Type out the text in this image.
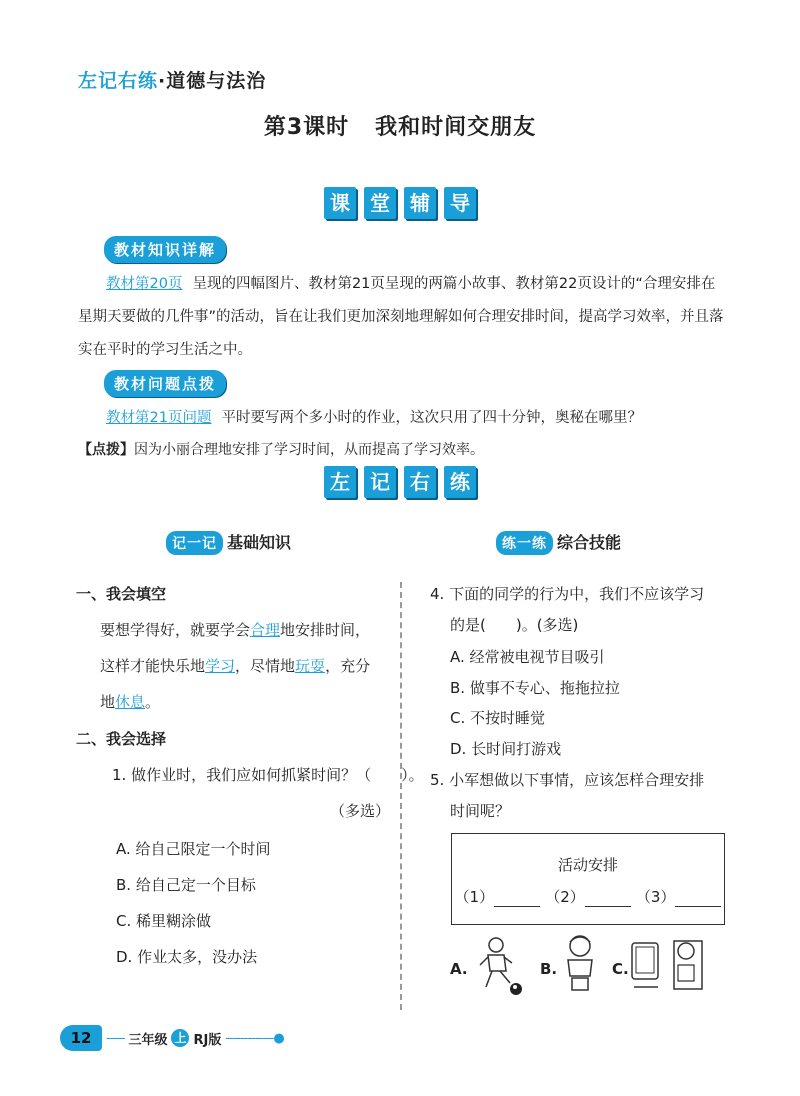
左记右练·道德与法治
第3课时 我和时间交朋友
课 堂 辅 导
教材知识详解
教材第20页 呈现的四幅图片、教材第21页呈现的两篇小故事、教材第22页设计的“合理安排在星期天要做的几件事”的活动，旨在让我们更加深刻地理解如何合理安排时间，提高学习效率，并且落实在平时的学习生活之中。
教材问题点拨
教材第21页问题 平时要写两个多小时的作业，这次只用了四十分钟，奥秘在哪里？
【点拨】因为小丽合理地安排了学习时间，从而提高了学习效率。
左 记 右 练
记一记 基础知识	练一练 综合技能
一、我会填空
要想学得好，就要学会合理地安排时间，
这样才能快乐地学习，尽情地玩耍，充分
地休息。
二、我会选择
1. 做作业时，我们应如何抓紧时间？（　　）。
（多选）
A. 给自己限定一个时间
B. 给自己定一个目标
C. 稀里糊涂做
D. 作业太多，没办法
4. 下面的同学的行为中，我们不应该学习
的是(　　)。(多选)
A. 经常被电视节目吸引
B. 做事不专心、拖拖拉拉
C. 不按时睡觉
D. 长时间打游戏
5. 小军想做以下事情，应该怎样合理安排
时间呢？
活动安排
（1）	（2）	（3）
A.	B.	C.
12	----- 三年级 上 RJ版 -------------●
